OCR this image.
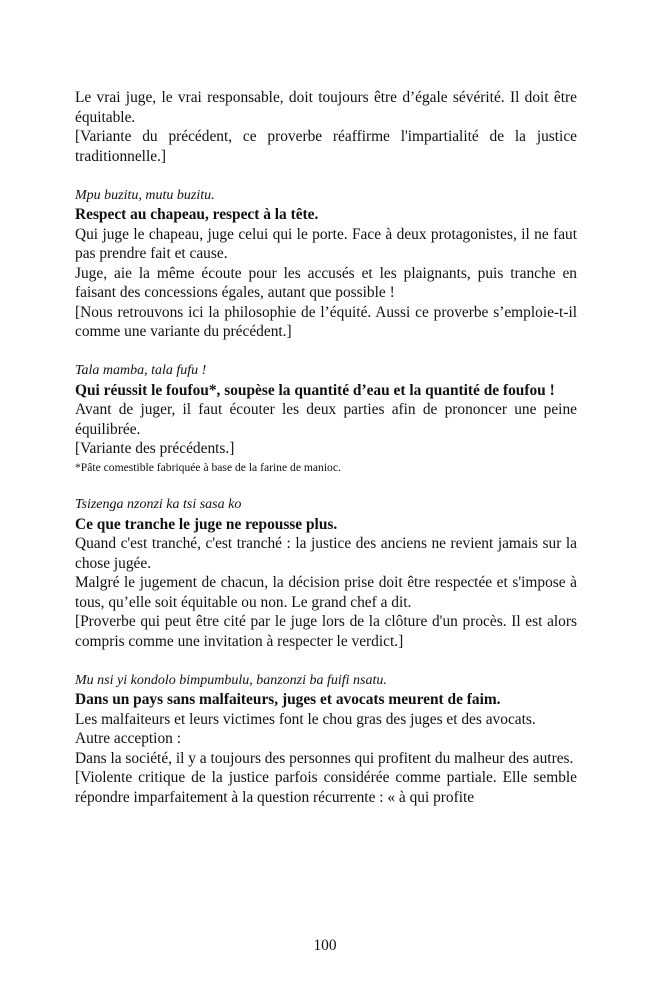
Le vrai juge, le vrai responsable, doit toujours être d’égale sévérité. Il doit être équitable.

[Variante du précédent, ce proverbe réaffirme l'impartialité de la justice traditionnelle.]

Mpu buzitu, mutu buzitu.

Respect au chapeau, respect à la tête.

Qui juge le chapeau, juge celui qui le porte. Face à deux protagonistes, il ne faut pas prendre fait et cause.

Juge, aie la même écoute pour les accusés et les plaignants, puis tranche en faisant des concessions égales, autant que possible !

[Nous retrouvons ici la philosophie de l’équité. Aussi ce proverbe s’emploie-t-il comme une variante du précédent.]

Tala mamba, tala fufu !

Qui réussit le foufou*, soupèse la quantité d’eau et la quantité de foufou !

Avant de juger, il faut écouter les deux parties afin de prononcer une peine équilibrée.

[Variante des précédents.]

*Pâte comestible fabriquée à base de la farine de manioc.

Tsizenga nzonzi ka tsi sasa ko

Ce que tranche le juge ne repousse plus.

Quand c'est tranché, c'est tranché : la justice des anciens ne revient jamais sur la chose jugée.

Malgré le jugement de chacun, la décision prise doit être respectée et s'impose à tous, qu’elle soit équitable ou non. Le grand chef a dit.

[Proverbe qui peut être cité par le juge lors de la clôture d'un procès. Il est alors compris comme une invitation à respecter le verdict.]

Mu nsi yi kondolo bimpumbulu, banzonzi ba fuifi nsatu.

Dans un pays sans malfaiteurs, juges et avocats meurent de faim.

Les malfaiteurs et leurs victimes font le chou gras des juges et des avocats.

Autre acception :

Dans la société, il y a toujours des personnes qui profitent du malheur des autres.

[Violente critique de la justice parfois considérée comme partiale. Elle semble répondre imparfaitement à la question récurrente : « à qui profite

100
